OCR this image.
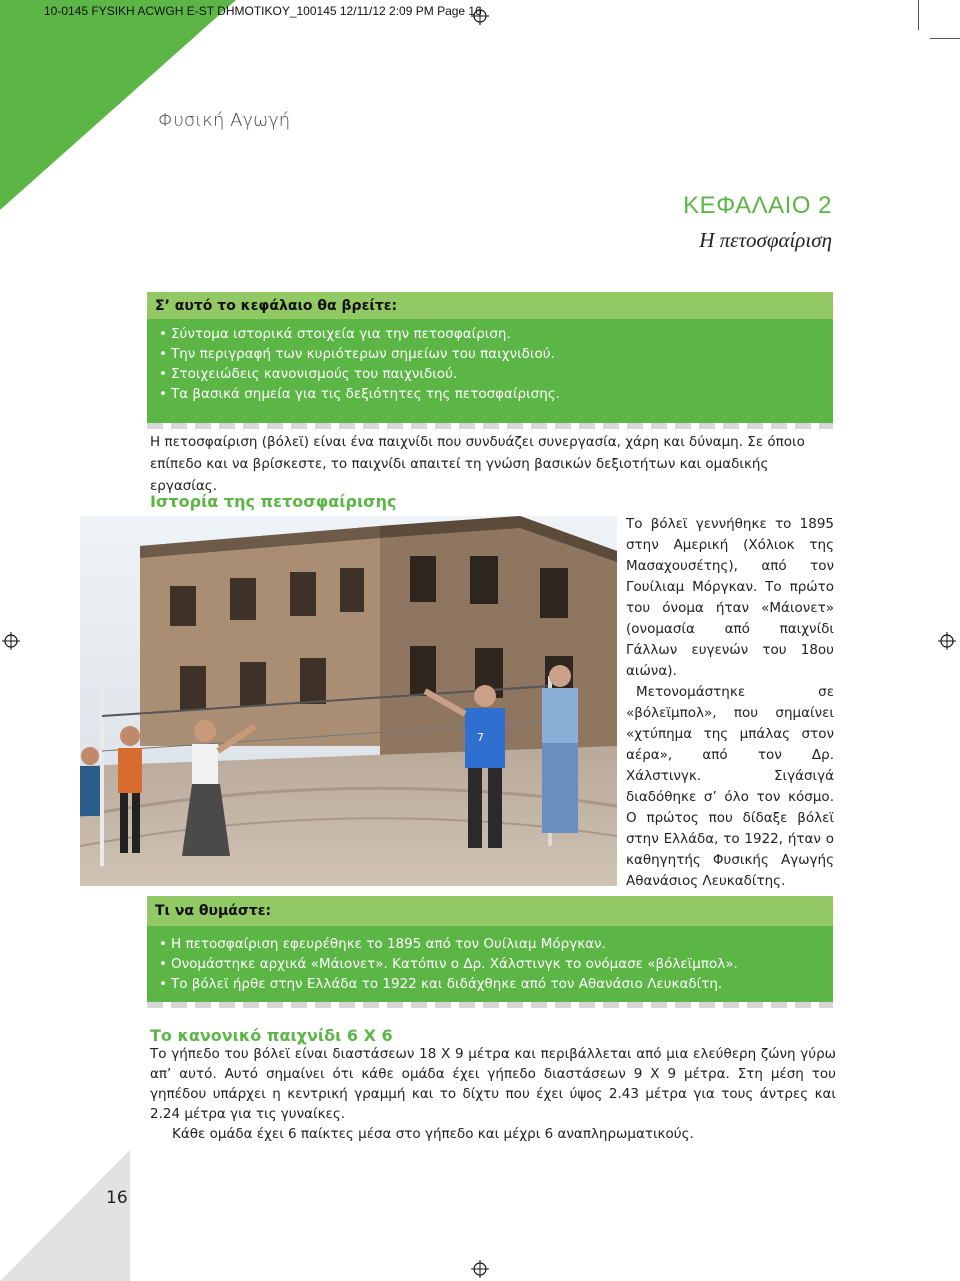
10-0145 FYSIKH ACWGH E-ST DHMOTIKOY_100145 12/11/12 2:09 PM Page 16
Φυσική Αγωγή
ΚΕΦΑΛΑΙΟ 2
Η πετοσφαίριση
Σ’ αυτό το κεφάλαιο θα βρείτε:
• Σύντομα ιστορικά στοιχεία για την πετοσφαίριση.
• Την περιγραφή των κυριότερων σημείων του παιχνιδιού.
• Στοιχειώδεις κανονισμούς του παιχνιδιού.
• Τα βασικά σημεία για τις δεξιότητες της πετοσφαίρισης.
Η πετοσφαίριση (βόλεϊ) είναι ένα παιχνίδι που συνδυάζει συνεργασία, χάρη και δύναμη. Σε όποιο επίπεδο και να βρίσκεστε, το παιχνίδι απαιτεί τη γνώση βασικών δεξιοτήτων και ομαδικής εργασίας.
Ιστορία της πετοσφαίρισης
7

Το βόλεϊ γεννήθηκε το 1895 στην Αμερική (Χόλιοκ της Μασαχουσέτης), από τον Γουίλιαμ Μόργκαν. Το πρώτο του όνομα ήταν «Μάιονετ» (ονομασία από παιχνίδι Γάλλων ευγενών του 18ου αιώνα).

Μετονομάστηκε σε «βόλεϊμπολ», που σημαίνει «χτύπημα της μπάλας στον αέρα», από τον Δρ. Χάλστινγκ. Σιγάσιγά διαδόθηκε σ’ όλο τον κόσμο. Ο πρώτος που δίδαξε βόλεϊ στην Ελλάδα, το 1922, ήταν ο καθηγητής Φυσικής Αγωγής Αθανάσιος Λευκαδίτης.

Τι να θυμάστε:
• Η πετοσφαίριση εφευρέθηκε το 1895 από τον Ουίλιαμ Μόργκαν.
• Ονομάστηκε αρχικά «Μάιονετ». Κατόπιν ο Δρ. Χάλστινγκ το ονόμασε «βόλεϊμπολ».
• Το βόλεϊ ήρθε στην Ελλάδα το 1922 και διδάχθηκε από τον Αθανάσιο Λευκαδίτη.
Το κανονικό παιχνίδι 6 Χ 6

Το γήπεδο του βόλεϊ είναι διαστάσεων 18 Χ 9 μέτρα και περιβάλλεται από μια ελεύθερη ζώνη γύρω απ’ αυτό. Αυτό σημαίνει ότι κάθε ομάδα έχει γήπεδο διαστάσεων 9 Χ 9 μέτρα. Στη μέση του γηπέδου υπάρχει η κεντρική γραμμή και το δίχτυ που έχει ύψος 2.43 μέτρα για τους άντρες και 2.24 μέτρα για τις γυναίκες.

Κάθε ομάδα έχει 6 παίκτες μέσα στο γήπεδο και μέχρι 6 αναπληρωματικούς.

16
